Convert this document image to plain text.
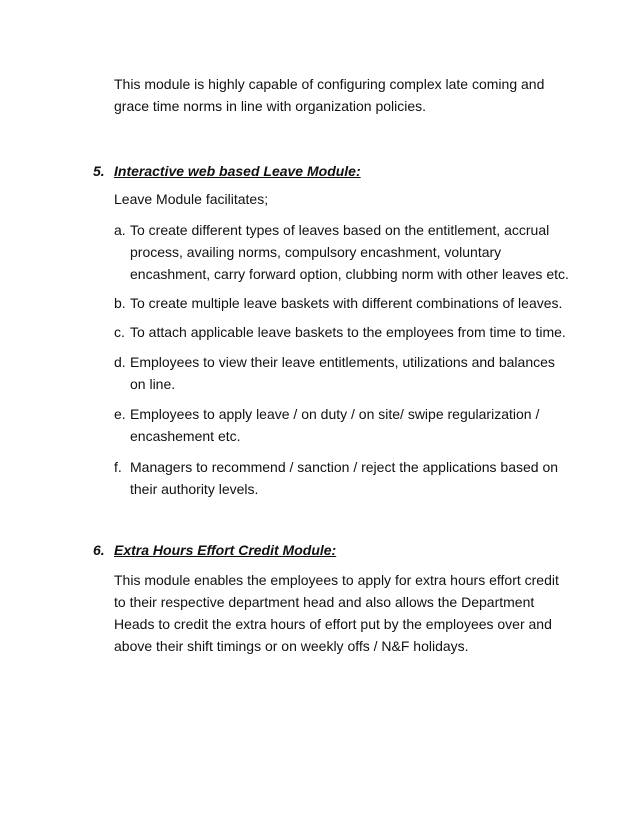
This module is highly capable of configuring complex late coming and grace time norms in line with organization policies.

5. Interactive web based Leave Module:

Leave Module facilitates;

a. To create different types of leaves based on the entitlement, accrual process, availing norms, compulsory encashment, voluntary encashment, carry forward option, clubbing norm with other leaves etc.
b. To create multiple leave baskets with different combinations of leaves.
c. To attach applicable leave baskets to the employees from time to time.
d. Employees to view their leave entitlements, utilizations and balances on line.
e. Employees to apply leave / on duty / on site/ swipe regularization / encashement etc.
f. Managers to recommend / sanction / reject the applications based on their authority levels.
6. Extra Hours Effort Credit Module:

This module enables the employees to apply for extra hours effort credit to their respective department head and also allows the Department Heads to credit the extra hours of effort put by the employees over and above their shift timings or on weekly offs / N&F holidays.
